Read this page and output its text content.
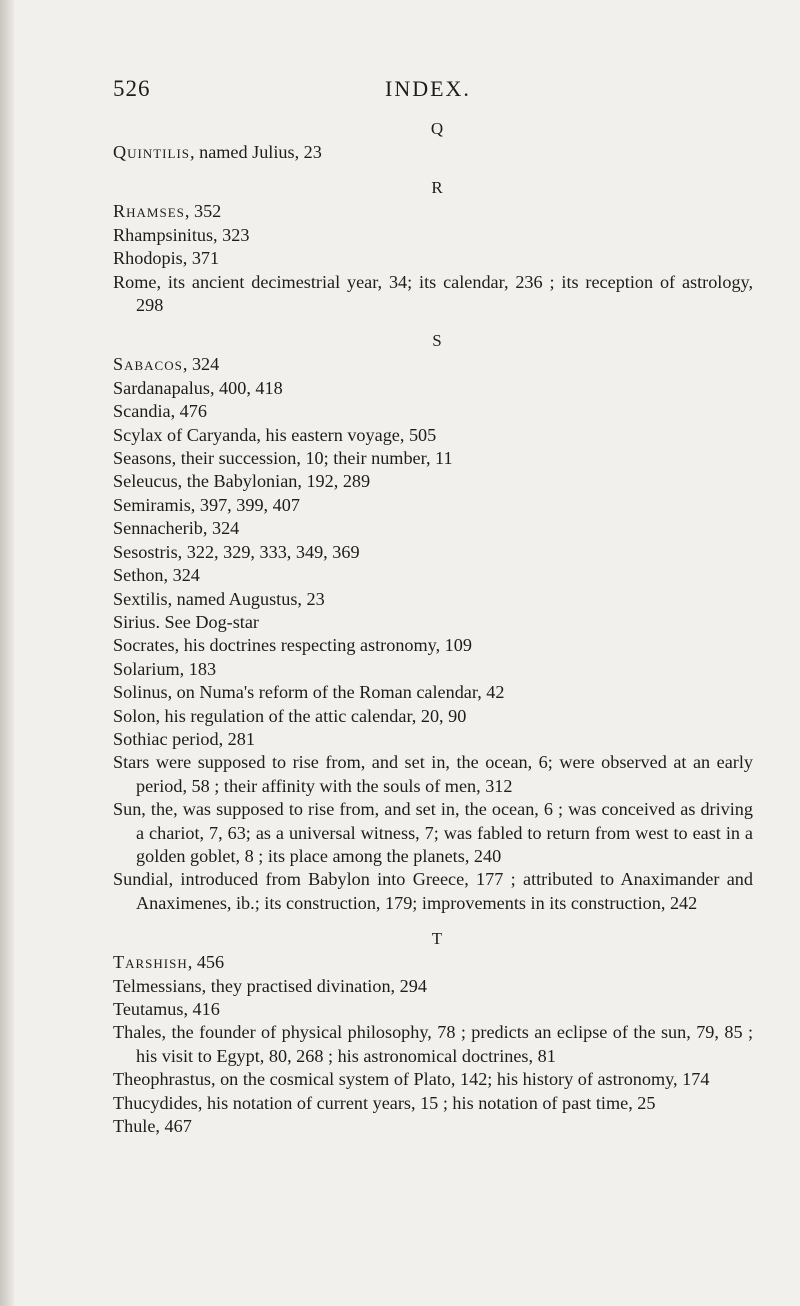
526	INDEX.
Q
Quintilis, named Julius, 23
R
Rhamses, 352
Rhampsinitus, 323
Rhodopis, 371
Rome, its ancient decimestrial year, 34; its calendar, 236 ; its reception of astrology, 298
S
Sabacos, 324
Sardanapalus, 400, 418
Scandia, 476
Scylax of Caryanda, his eastern voyage, 505
Seasons, their succession, 10; their number, 11
Seleucus, the Babylonian, 192, 289
Semiramis, 397, 399, 407
Sennacherib, 324
Sesostris, 322, 329, 333, 349, 369
Sethon, 324
Sextilis, named Augustus, 23
Sirius. See Dog-star
Socrates, his doctrines respecting astronomy, 109
Solarium, 183
Solinus, on Numa's reform of the Roman calendar, 42
Solon, his regulation of the attic calendar, 20, 90
Sothiac period, 281
Stars were supposed to rise from, and set in, the ocean, 6; were observed at an early period, 58 ; their affinity with the souls of men, 312
Sun, the, was supposed to rise from, and set in, the ocean, 6 ; was conceived as driving a chariot, 7, 63; as a universal witness, 7; was fabled to return from west to east in a golden goblet, 8 ; its place among the planets, 240
Sundial, introduced from Babylon into Greece, 177 ; attributed to Anaximander and Anaximenes, ib.; its construction, 179; improvements in its construction, 242
T
Tarshish, 456
Telmessians, they practised divination, 294
Teutamus, 416
Thales, the founder of physical philosophy, 78 ; predicts an eclipse of the sun, 79, 85 ; his visit to Egypt, 80, 268 ; his astronomical doctrines, 81
Theophrastus, on the cosmical system of Plato, 142; his history of astronomy, 174
Thucydides, his notation of current years, 15 ; his notation of past time, 25
Thule, 467
